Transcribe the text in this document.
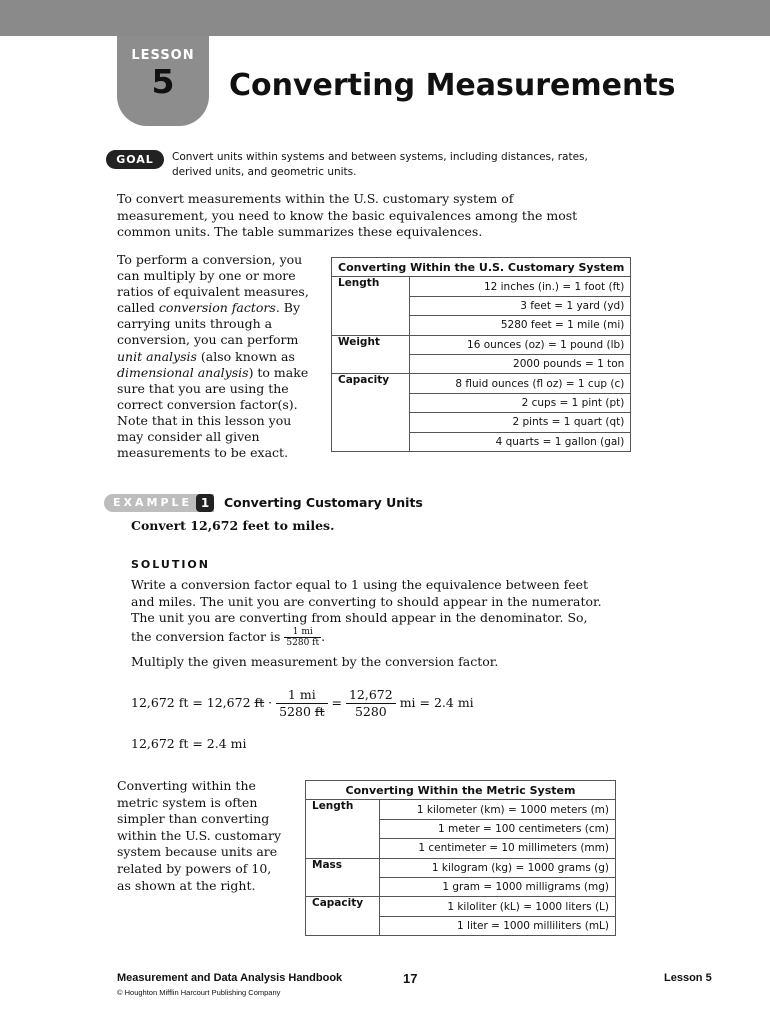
LESSON
5	Converting Measurements
GOAL	Convert units within systems and between systems, including distances, rates, derived units, and geometric units.
To convert measurements within the U.S. customary system of measurement, you need to know the basic equivalences among the most common units. The table summarizes these equivalences.
To perform a conversion, you can multiply by one or more ratios of equivalent measures, called conversion factors. By carrying units through a conversion, you can perform unit analysis (also known as dimensional analysis) to make sure that you are using the correct conversion factor(s). Note that in this lesson you may consider all given measurements to be exact.
Converting Within the U.S. Customary System	
Length	12 inches (in.) = 1 foot (ft)
	3 feet = 1 yard (yd)
	5280 feet = 1 mile (mi)
Weight	16 ounces (oz) = 1 pound (lb)
	2000 pounds = 1 ton
Capacity	8 fluid ounces (fl oz) = 1 cup (c)
	2 cups = 1 pint (pt)
	2 pints = 1 quart (qt)
	4 quarts = 1 gallon (gal)
EXAMPLE 1	Converting Customary Units
Convert 12,672 feet to miles.
SOLUTION
Write a conversion factor equal to 1 using the equivalence between feet and miles. The unit you are converting to should appear in the numerator. The unit you are converting from should appear in the denominator. So, the conversion factor is $\frac{1 mi}{5280 ft}$ .
Multiply the given measurement by the conversion factor.
12,672 ft = 12,672 ft · $\frac{1 mi}{5280 ft} = \frac{12,672}{5280}$ mi = 2.4 mi
12,672 ft = 2.4 mi
Converting within the metric system is often simpler than converting within the U.S. customary system because units are related by powers of 10, as shown at the right.
Converting Within the Metric System	
Length	1 kilometer (km) = 1000 meters (m)
	1 meter = 100 centimeters (cm)
	1 centimeter = 10 millimeters (mm)
Mass	1 kilogram (kg) = 1000 grams (g)
	1 gram = 1000 milligrams (mg)
Capacity	1 kiloliter (kL) = 1000 liters (L)
	1 liter = 1000 milliliters (mL)
Measurement and Data Analysis Handbook
© Houghton Mifflin Harcourt Publishing Company
17	Lesson 5
